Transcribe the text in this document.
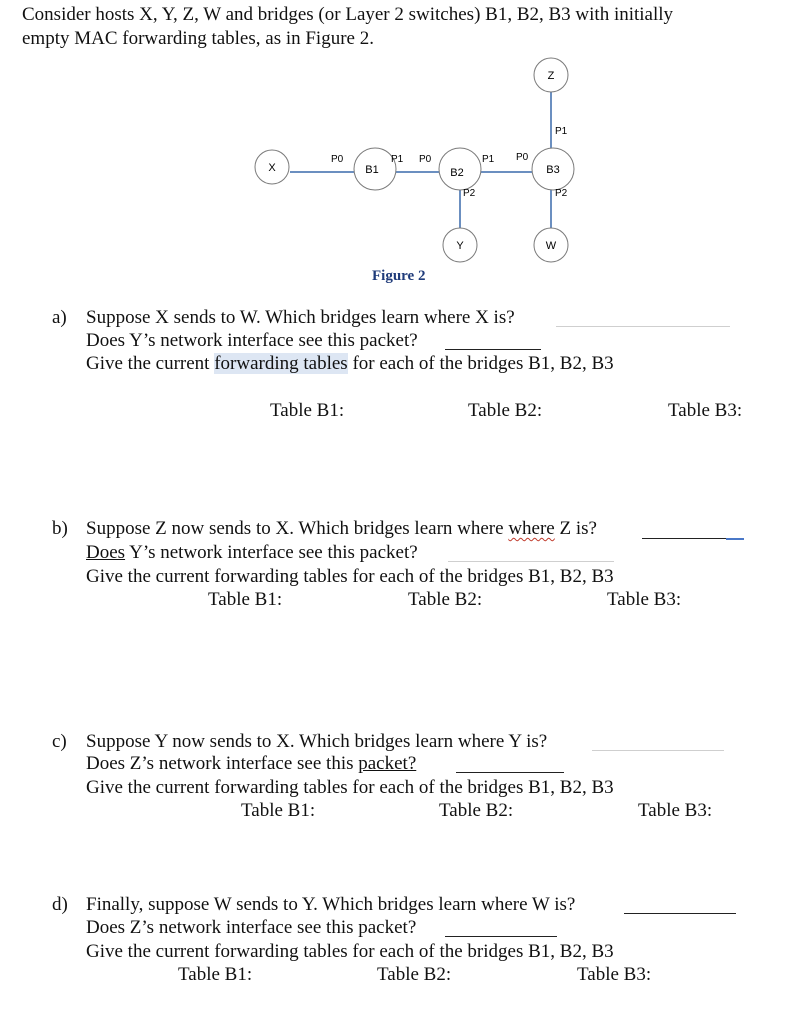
Consider hosts X, Y, Z, W and bridges (or Layer 2 switches) B1, B2, B3 with initially
empty MAC forwarding tables, as in Figure 2.
X
Y
Z
W
B1	B2	B3
P0	P1 P0	P1
P2
P0
P1
P2
Figure 2
a) Suppose X sends to W. Which bridges learn where X is?
Does Y’s network interface see this packet?
Give the current forwarding tables for each of the bridges B1, B2, B3
Table B1:	Table B2:	Table B3:
b) Suppose Z now sends to X. Which bridges learn where where Z is?
Does Y’s network interface see this packet?
Give the current forwarding tables for each of the bridges B1, B2, B3
Table B1:	Table B2:	Table B3:
c) Suppose Y now sends to X. Which bridges learn where Y is?
Does Z’s network interface see this packet?
Give the current forwarding tables for each of the bridges B1, B2, B3
Table B1:	Table B2:	Table B3:
d) Finally, suppose W sends to Y. Which bridges learn where W is?
Does Z’s network interface see this packet?
Give the current forwarding tables for each of the bridges B1, B2, B3
Table B1:	Table B2:	Table B3:
